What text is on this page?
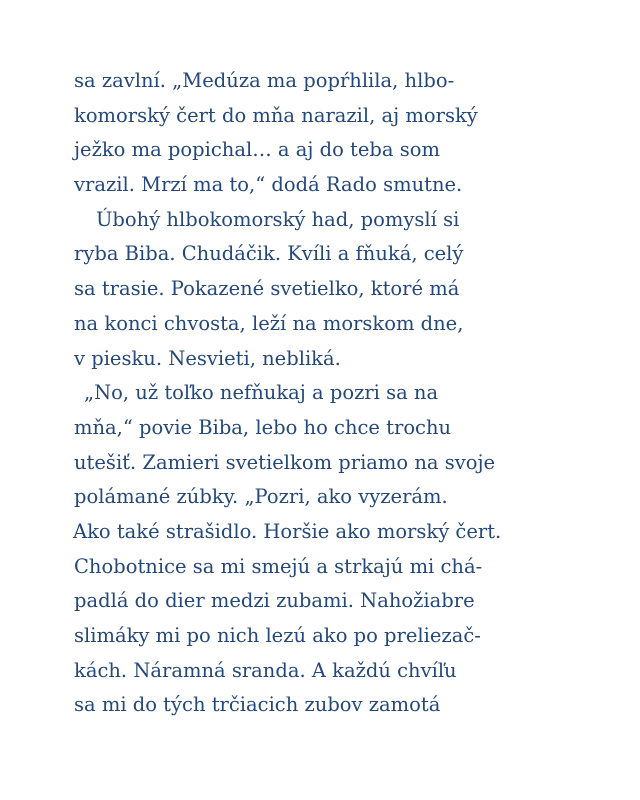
sa zavlní. „Medúza ma popŕhlila, hlbo-
komorský čert do mňa narazil, aj morský
ježko ma popichal… a aj do teba som
vrazil. Mrzí ma to,“ dodá Rado smutne.
Úbohý hlbokomorský had, pomyslí si
ryba Biba. Chudáčik. Kvíli a fňuká, celý
sa trasie. Pokazené svetielko, ktoré má
na konci chvosta, leží na morskom dne,
v piesku. Nesvieti, nebliká.
„No, už toľko nefňukaj a pozri sa na
mňa,“ povie Biba, lebo ho chce trochu
utešiť. Zamieri svetielkom priamo na svoje
polámané zúbky. „Pozri, ako vyzerám.
Ako také strašidlo. Horšie ako morský čert.
Chobotnice sa mi smejú a strkajú mi chá-
padlá do dier medzi zubami. Nahožiabre
slimáky mi po nich lezú ako po preliezač-
kách. Náramná sranda. A každú chvíľu
sa mi do tých trčiacich zubov zamotá
